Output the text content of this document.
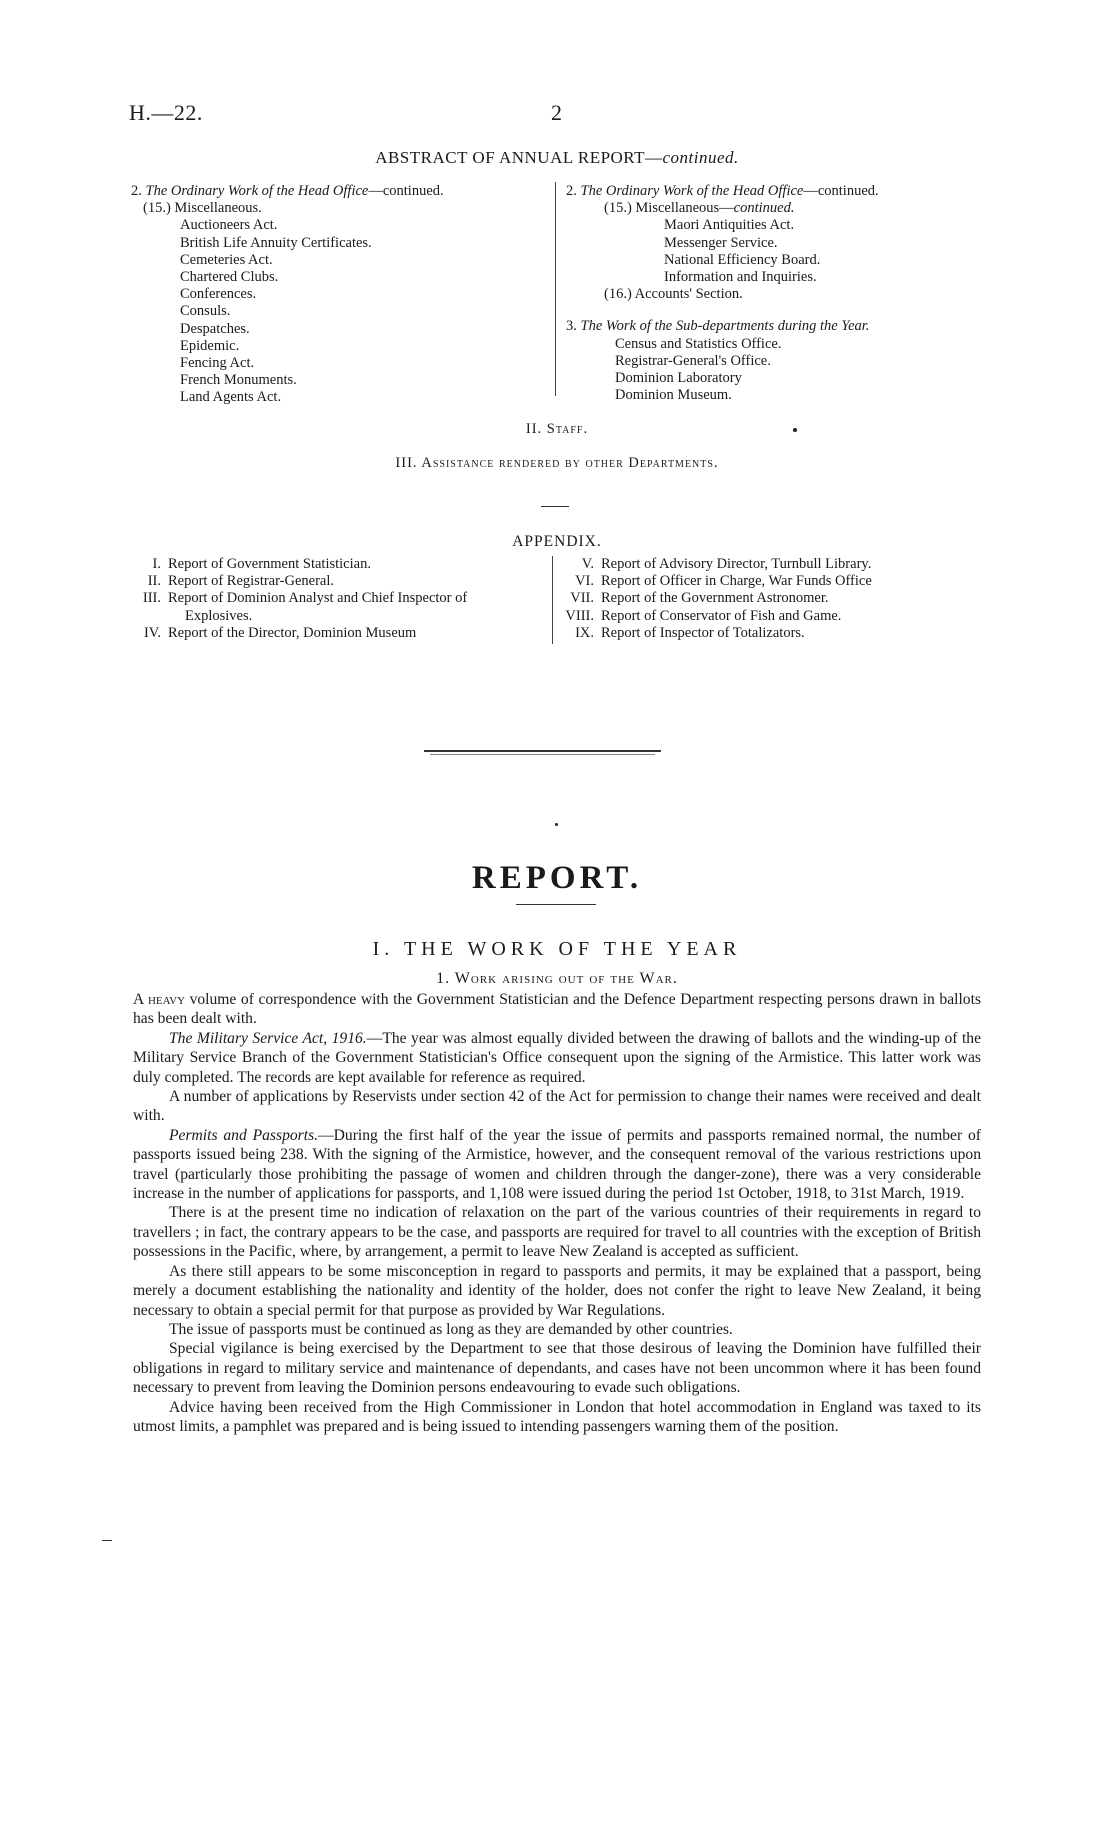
H.—22.	2
ABSTRACT OF ANNUAL REPORT—continued.
2. The Ordinary Work of the Head Office—continued.
(15.) Miscellaneous.
Auctioneers Act.
British Life Annuity Certificates.
Cemeteries Act.
Chartered Clubs.
Conferences.
Consuls.
Despatches.
Epidemic.
Fencing Act.
French Monuments.
Land Agents Act.
2. The Ordinary Work of the Head Office—continued.
(15.) Miscellaneous—continued.
Maori Antiquities Act.
Messenger Service.
National Efficiency Board.
Information and Inquiries.
(16.) Accounts' Section.
3. The Work of the Sub-departments during the Year.
Census and Statistics Office.
Registrar-General's Office.
Dominion Laboratory
Dominion Museum.
II. Staff.
III. Assistance rendered by other Departments.
APPENDIX.
I. Report of Government Statistician.
II. Report of Registrar-General.
III. Report of Dominion Analyst and Chief Inspector of
Explosives.
IV. Report of the Director, Dominion Museum
V. Report of Advisory Director, Turnbull Library.
VI. Report of Officer in Charge, War Funds Office
VII. Report of the Government Astronomer.
VIII. Report of Conservator of Fish and Game.
IX. Report of Inspector of Totalizators.
REPORT.
I. THE WORK OF THE YEAR
1. Work arising out of the War.

A heavy volume of correspondence with the Government Statistician and the Defence Department respecting persons drawn in ballots has been dealt with.

The Military Service Act, 1916.—The year was almost equally divided between the drawing of ballots and the winding-up of the Military Service Branch of the Government Statistician's Office consequent upon the signing of the Armistice. This latter work was duly completed. The records are kept available for reference as required.

A number of applications by Reservists under section 42 of the Act for permission to change their names were received and dealt with.

Permits and Passports.—During the first half of the year the issue of permits and passports remained normal, the number of passports issued being 238. With the signing of the Armistice, however, and the consequent removal of the various restrictions upon travel (particularly those prohibiting the passage of women and children through the danger-zone), there was a very considerable increase in the number of applications for passports, and 1,108 were issued during the period 1st October, 1918, to 31st March, 1919.

There is at the present time no indication of relaxation on the part of the various countries of their requirements in regard to travellers ; in fact, the contrary appears to be the case, and passports are required for travel to all countries with the exception of British possessions in the Pacific, where, by arrangement, a permit to leave New Zealand is accepted as sufficient.

As there still appears to be some misconception in regard to passports and permits, it may be explained that a passport, being merely a document establishing the nationality and identity of the holder, does not confer the right to leave New Zealand, it being necessary to obtain a special permit for that purpose as provided by War Regulations.

The issue of passports must be continued as long as they are demanded by other countries.

Special vigilance is being exercised by the Department to see that those desirous of leaving the Dominion have fulfilled their obligations in regard to military service and maintenance of dependants, and cases have not been uncommon where it has been found necessary to prevent from leaving the Dominion persons endeavouring to evade such obligations.

Advice having been received from the High Commissioner in London that hotel accommodation in England was taxed to its utmost limits, a pamphlet was prepared and is being issued to intending passengers warning them of the position.
